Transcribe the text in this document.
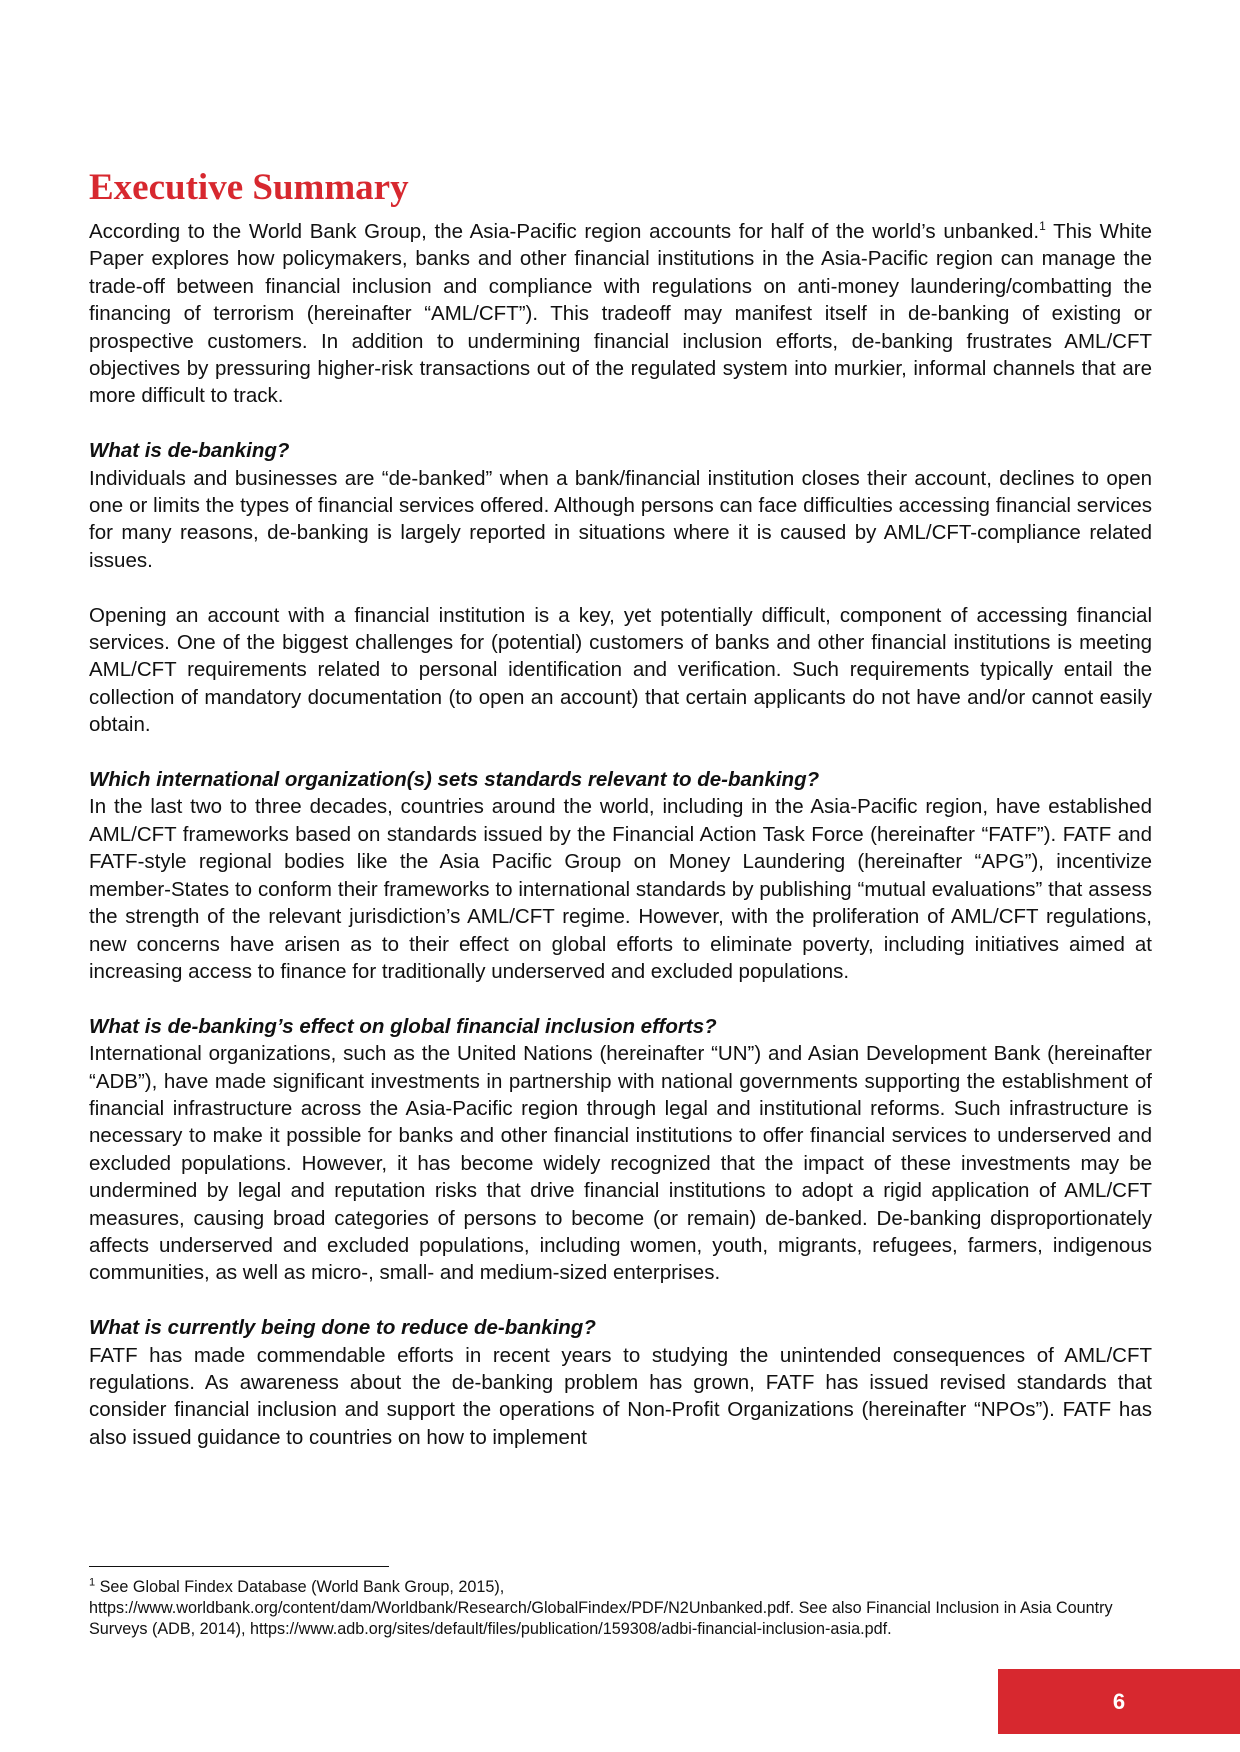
Executive Summary

According to the World Bank Group, the Asia-Pacific region accounts for half of the world’s unbanked.$^1$ This White Paper explores how policymakers, banks and other financial institutions in the Asia-Pacific region can manage the trade-off between financial inclusion and compliance with regulations on anti-money laundering/combatting the financing of terrorism (hereinafter “AML/CFT”). This tradeoff may manifest itself in de-banking of existing or prospective customers. In addition to undermining financial inclusion efforts, de-banking frustrates AML/CFT objectives by pressuring higher-risk transactions out of the regulated system into murkier, informal channels that are more difficult to track.

What is de-banking?
Individuals and businesses are “de-banked” when a bank/financial institution closes their account, declines to open one or limits the types of financial services offered. Although persons can face difficulties accessing financial services for many reasons, de-banking is largely reported in situations where it is caused by AML/CFT-compliance related issues.

Opening an account with a financial institution is a key, yet potentially difficult, component of accessing financial services. One of the biggest challenges for (potential) customers of banks and other financial institutions is meeting AML/CFT requirements related to personal identification and verification. Such requirements typically entail the collection of mandatory documentation (to open an account) that certain applicants do not have and/or cannot easily obtain.

Which international organization(s) sets standards relevant to de-banking?
In the last two to three decades, countries around the world, including in the Asia-Pacific region, have established AML/CFT frameworks based on standards issued by the Financial Action Task Force (hereinafter “FATF”). FATF and FATF-style regional bodies like the Asia Pacific Group on Money Laundering (hereinafter “APG”), incentivize member-States to conform their frameworks to international standards by publishing “mutual evaluations” that assess the strength of the relevant jurisdiction’s AML/CFT regime. However, with the proliferation of AML/CFT regulations, new concerns have arisen as to their effect on global efforts to eliminate poverty, including initiatives aimed at increasing access to finance for traditionally underserved and excluded populations.

What is de-banking’s effect on global financial inclusion efforts?
International organizations, such as the United Nations (hereinafter “UN”) and Asian Development Bank (hereinafter “ADB”), have made significant investments in partnership with national governments supporting the establishment of financial infrastructure across the Asia-Pacific region through legal and institutional reforms. Such infrastructure is necessary to make it possible for banks and other financial institutions to offer financial services to underserved and excluded populations. However, it has become widely recognized that the impact of these investments may be undermined by legal and reputation risks that drive financial institutions to adopt a rigid application of AML/CFT measures, causing broad categories of persons to become (or remain) de-banked. De-banking disproportionately affects underserved and excluded populations, including women, youth, migrants, refugees, farmers, indigenous communities, as well as micro-, small- and medium-sized enterprises.

What is currently being done to reduce de-banking?
FATF has made commendable efforts in recent years to studying the unintended consequences of AML/CFT regulations. As awareness about the de-banking problem has grown, FATF has issued revised standards that consider financial inclusion and support the operations of Non-Profit Organizations (hereinafter “NPOs”). FATF has also issued guidance to countries on how to implement

$^1$ See Global Findex Database (World Bank Group, 2015), https://www.worldbank.org/content/dam/Worldbank/Research/GlobalFindex/PDF/N2Unbanked.pdf. See also Financial Inclusion in Asia Country Surveys (ADB, 2014), https://www.adb.org/sites/default/files/publication/159308/adbi-financial-inclusion-asia.pdf.
6
